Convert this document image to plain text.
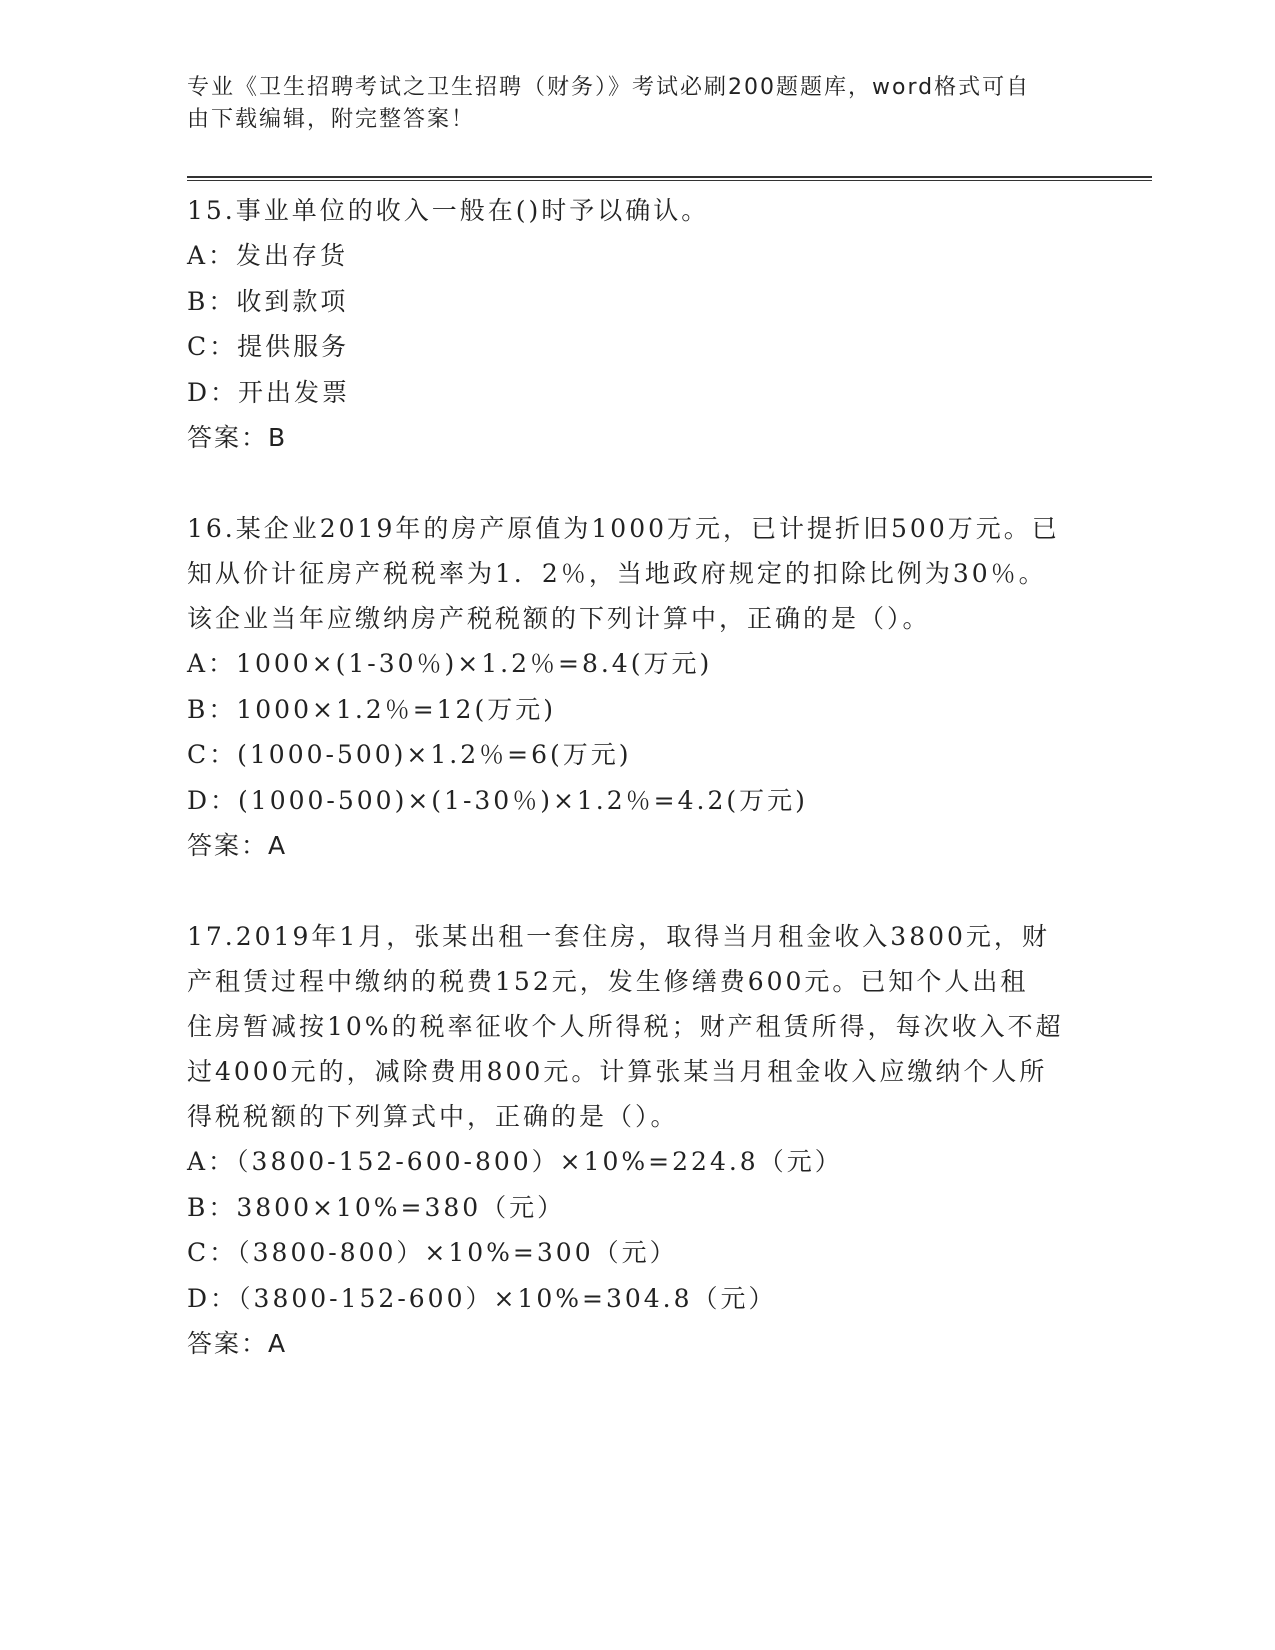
专业《卫生招聘考试之卫生招聘（财务）》考试必刷200题题库，word格式可自
由下载编辑，附完整答案！

15.事业单位的收入一般在()时予以确认。

A：发出存货

B：收到款项

C：提供服务

D：开出发票

答案：B

16.某企业2019年的房产原值为1000万元，已计提折旧500万元。已

知从价计征房产税税率为1．2％，当地政府规定的扣除比例为30％。

该企业当年应缴纳房产税税额的下列计算中，正确的是（）。

A：1000×(1-30％)×1.2％=8.4(万元)

B：1000×1.2％=12(万元)

C：(1000-500)×1.2％=6(万元)

D：(1000-500)×(1-30％)×1.2％=4.2(万元)

答案：A

17.2019年1月，张某出租一套住房，取得当月租金收入3800元，财

产租赁过程中缴纳的税费152元，发生修缮费600元。已知个人出租

住房暂减按10%的税率征收个人所得税；财产租赁所得，每次收入不超

过4000元的，减除费用800元。计算张某当月租金收入应缴纳个人所

得税税额的下列算式中，正确的是（）。

A：（3800-152-600-800）×10%=224.8（元）

B：3800×10%=380（元）

C：（3800-800）×10%=300（元）

D：（3800-152-600）×10%=304.8（元）

答案：A
